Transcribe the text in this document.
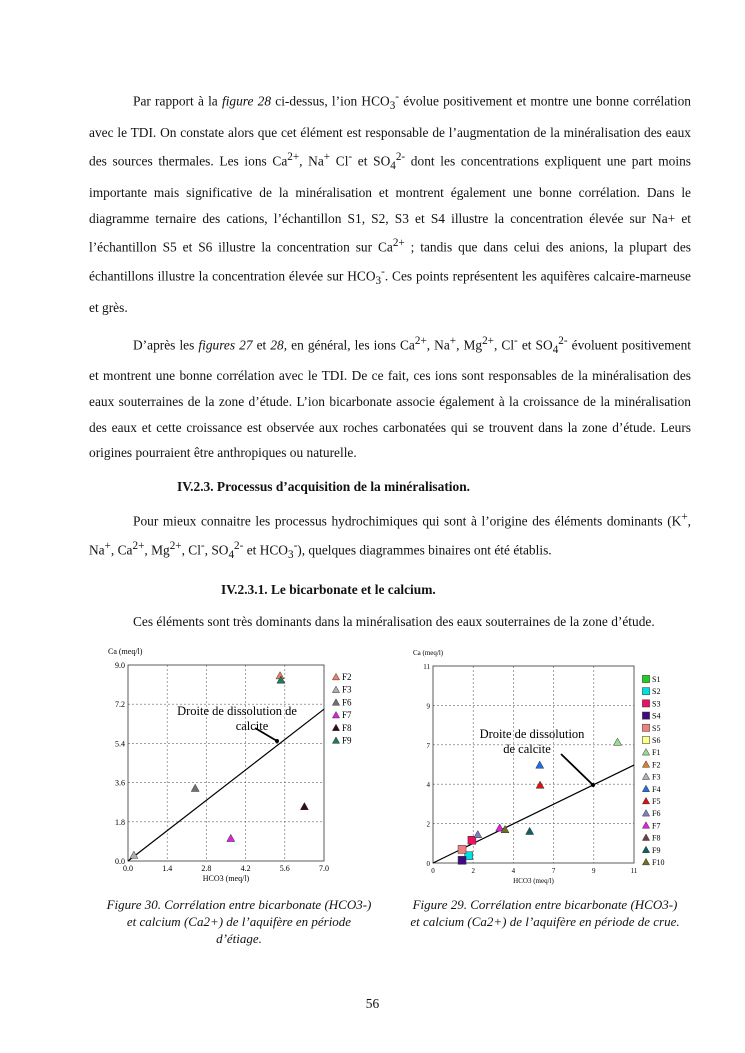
Par rapport à la figure 28 ci-dessus, l’ion $HCO_3^-$ évolue positivement et montre une bonne corrélation avec le TDI. On constate alors que cet élément est responsable de l’augmentation de la minéralisation des eaux des sources thermales. Les ions $Ca^{2+}$, Na+ Cl- et $SO_4^{2-}$ dont les concentrations expliquent une part moins importante mais significative de la minéralisation et montrent également une bonne corrélation. Dans le diagramme ternaire des cations, l’échantillon S1, S2, S3 et S4 illustre la concentration élevée sur Na+ et l’échantillon S5 et S6 illustre la concentration sur $Ca^{2+}$ ; tandis que dans celui des anions, la plupart des échantillons illustre la concentration élevée sur $HCO_3^-$. Ces points représentent les aquifères calcaire-marneuse et grès.

D’après les figures 27 et 28, en général, les ions $Ca^{2+}$, Na+, $Mg^{2+}$, Cl- et $SO_4^{2-}$ évoluent positivement et montrent une bonne corrélation avec le TDI. De ce fait, ces ions sont responsables de la minéralisation des eaux souterraines de la zone d’étude. L’ion bicarbonate associe également à la croissance de la minéralisation des eaux et cette croissance est observée aux roches carbonatées qui se trouvent dans la zone d’étude. Leurs origines pourraient être anthropiques ou naturelle.

IV.2.3. Processus d’acquisition de la minéralisation.

Pour mieux connaitre les processus hydrochimiques qui sont à l’origine des éléments dominants (K+, Na+, $Ca^{2+}$, $Mg^{2+}$, Cl-, $SO_4^{2-}$ et $HCO_3^-$), quelques diagrammes binaires ont été établis.

IV.2.3.1. Le bicarbonate et le calcium.

Ces éléments sont très dominants dans la minéralisation des eaux souterraines de la zone d’étude.

0.0
0.0
1.4
1.8
2.8
3.6
4.2
5.4
5.6
7.2
7.0
9.0
Ca (meq/l)
HCO3 (meq/l)
Droite de dissolution de
calcite
F2
F3
F6
F7
F8
F9
0
0
2
2
4
4
7
7
9
9
11
11
Ca (meq/l)
HCO3 (meq/l)
Droite de dissolution
de calcite
S1
S2
S3
S4
S5
S6
F1
F2
F3
F4
F5
F6
F7
F8
F9
F10
Figure 30. Corrélation entre bicarbonate (HCO3-) et calcium (Ca2+) de l’aquifère en période d’étiage.
Figure 29. Corrélation entre bicarbonate (HCO3-) et calcium (Ca2+) de l’aquifère en période de crue.
56
